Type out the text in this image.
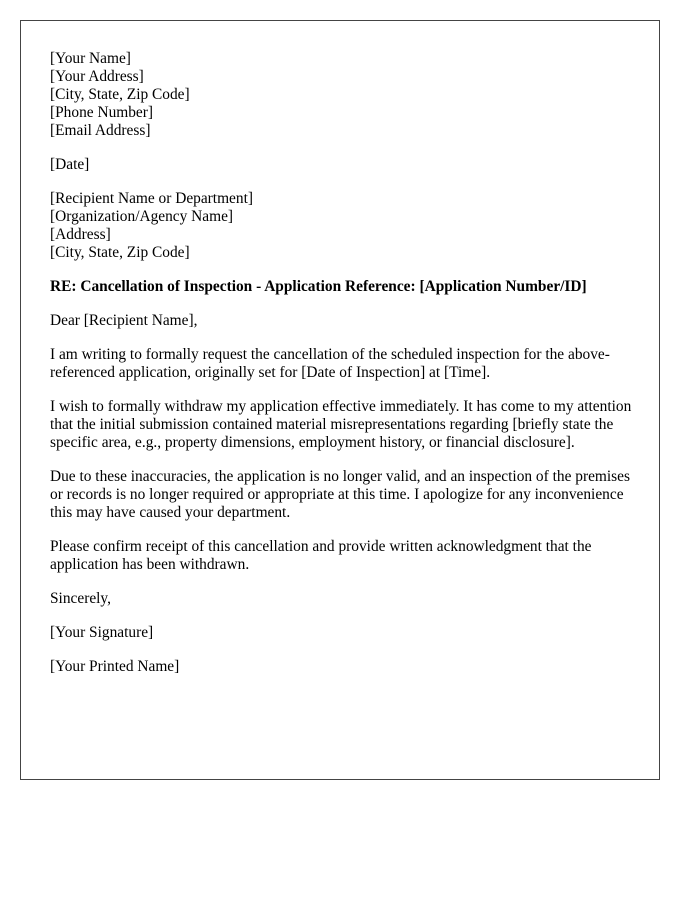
[Your Name]
[Your Address]
[City, State, Zip Code]
[Phone Number]
[Email Address]
[Date]
[Recipient Name or Department]
[Organization/Agency Name]
[Address]
[City, State, Zip Code]

RE: Cancellation of Inspection - Application Reference: [Application Number/ID]

Dear [Recipient Name],

I am writing to formally request the cancellation of the scheduled inspection for the above-referenced application, originally set for [Date of Inspection] at [Time].

I wish to formally withdraw my application effective immediately. It has come to my attention that the initial submission contained material misrepresentations regarding [briefly state the specific area, e.g., property dimensions, employment history, or financial disclosure].

Due to these inaccuracies, the application is no longer valid, and an inspection of the premises or records is no longer required or appropriate at this time. I apologize for any inconvenience this may have caused your department.

Please confirm receipt of this cancellation and provide written acknowledgment that the application has been withdrawn.

Sincerely,

[Your Signature]

[Your Printed Name]
